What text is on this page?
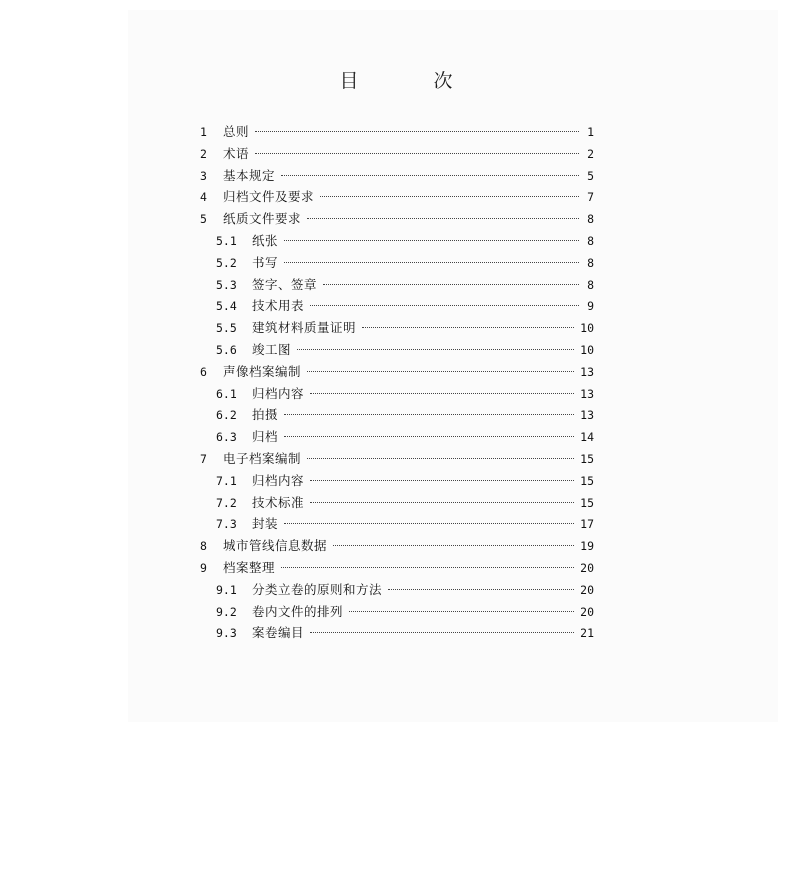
目　次
1	总则	1
2	术语	2
3	基本规定	5
4	归档文件及要求	7
5	纸质文件要求	8
5.1	纸张	8
5.2	书写	8
5.3	签字、签章	8
5.4	技术用表	9
5.5	建筑材料质量证明	10
5.6	竣工图	10
6	声像档案编制	13
6.1	归档内容	13
6.2	拍摄	13
6.3	归档	14
7	电子档案编制	15
7.1	归档内容	15
7.2	技术标准	15
7.3	封装	17
8	城市管线信息数据	19
9	档案整理	20
9.1	分类立卷的原则和方法	20
9.2	卷内文件的排列	20
9.3	案卷编目	21
